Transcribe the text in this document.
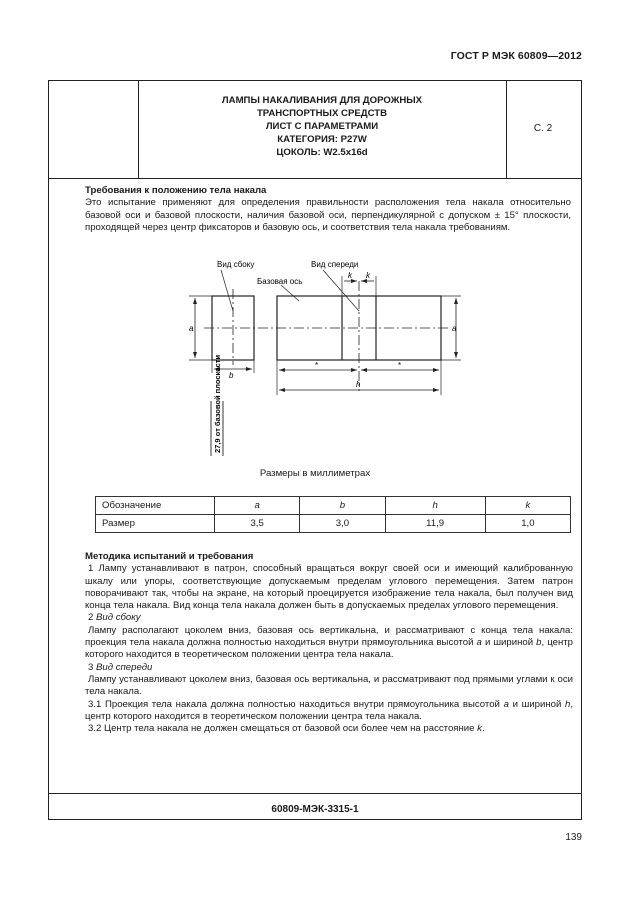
ГОСТ Р МЭК 60809—2012
ЛАМПЫ НАКАЛИВАНИЯ ДЛЯ ДОРОЖНЫХ
ТРАНСПОРТНЫХ СРЕДСТВ
ЛИСТ С ПАРАМЕТРАМИ
КАТЕГОРИЯ: P27W
ЦОКОЛЬ: W2.5x16d
С. 2
Требования к положению тела накала
Это испытание применяют для определения правильности расположения тела накала относительно базовой оси и базовой плоскости, наличия базовой оси, перпендикулярной с допуском ± 15° плоскости, проходящей через центр фиксаторов и базовую ось, и соответствия тела накала требованиям.
Вид сбоку	Вид спереди
Базовая ось
a	a
b
*	*
h
k k
27,9 от базовой плоскости
Размеры в миллиметрах
Обозначение	a	b	h	k
Размер	3,5	3,0	11,9	1,0
Методика испытаний и требования
1 Лампу устанавливают в патрон, способный вращаться вокруг своей оси и имеющий калиброванную шкалу или упоры, соответствующие допускаемым пределам углового перемещения. Затем патрон поворачивают так, чтобы на экране, на который проецируется изображение тела накала, был получен вид конца тела накала. Вид конца тела накала должен быть в допускаемых пределах углового перемещения.
2 Вид сбоку
Лампу располагают цоколем вниз, базовая ось вертикальна, и рассматривают с конца тела накала: проекция тела накала должна полностью находиться внутри прямоугольника высотой a и шириной b, центр которого находится в теоретическом положении центра тела накала.
3 Вид спереди
Лампу устанавливают цоколем вниз, базовая ось вертикальна, и рассматривают под прямыми углами к оси тела накала.
3.1 Проекция тела накала должна полностью находиться внутри прямоугольника высотой a и шириной h, центр которого находится в теоретическом положении центра тела накала.
3.2 Центр тела накала не должен смещаться от базовой оси более чем на расстояние k.
60809-МЭК-3315-1
139
